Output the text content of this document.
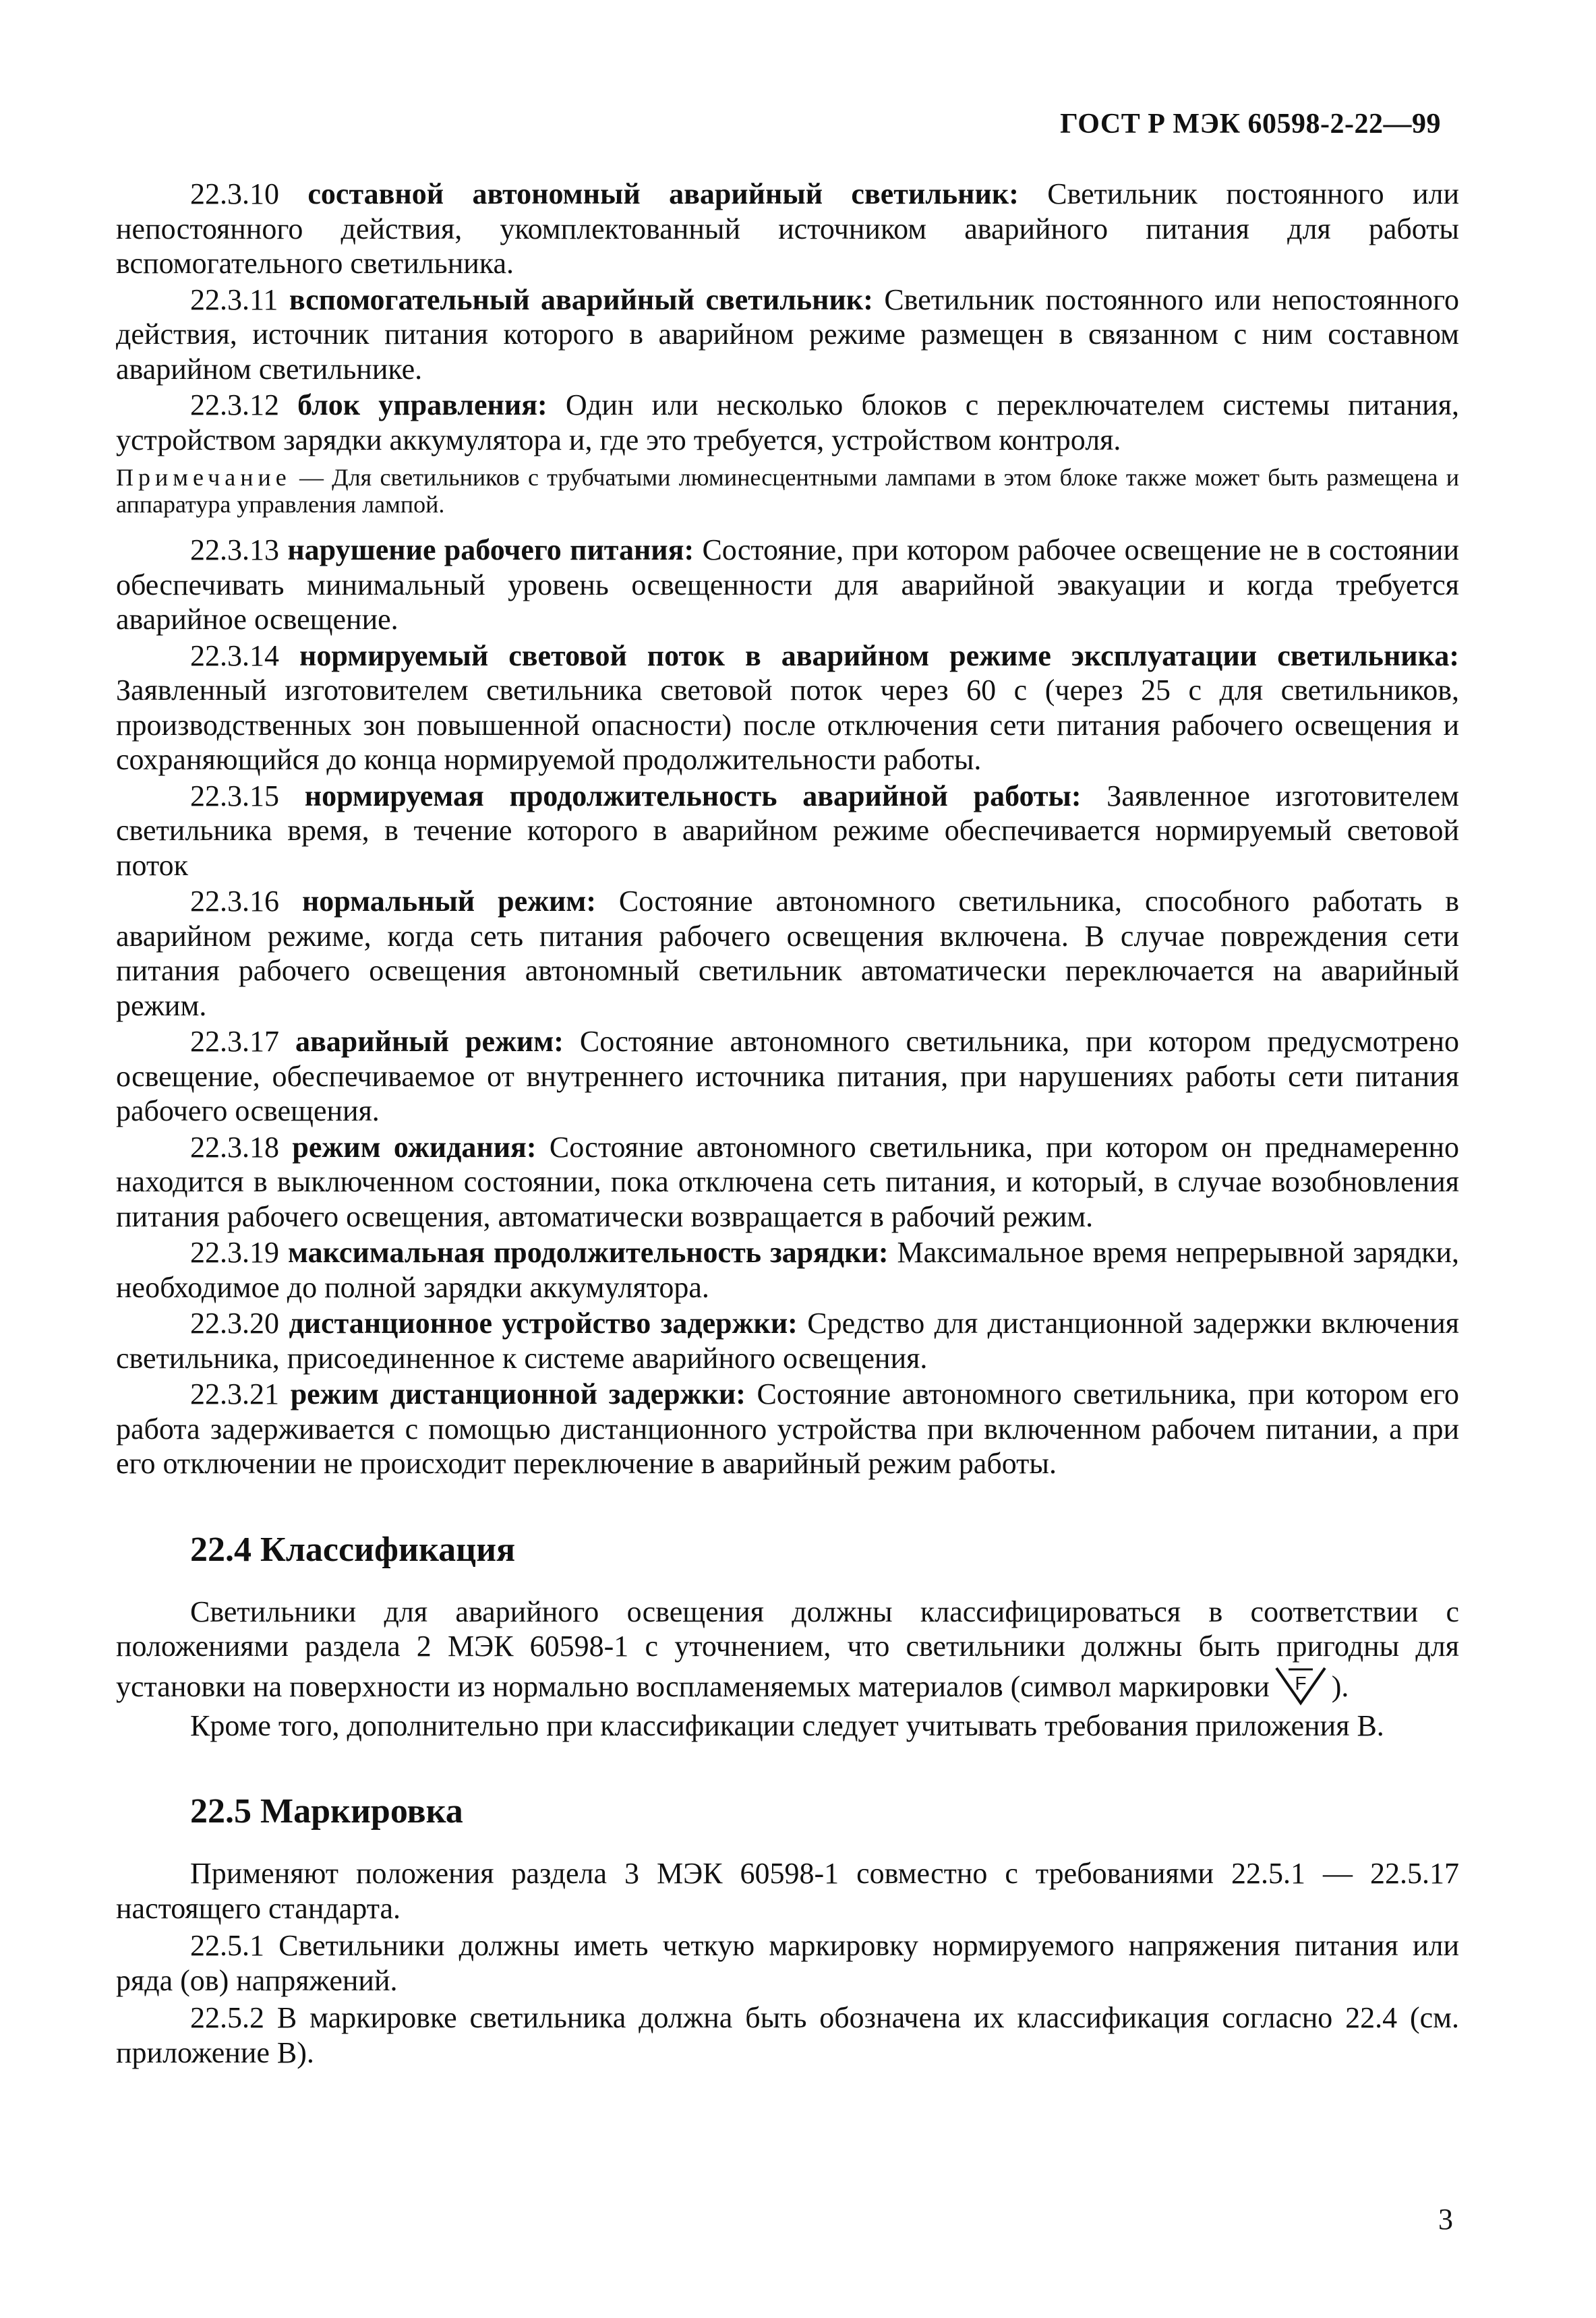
ГОСТ Р МЭК 60598-2-22—99

22.3.10 составной автономный аварийный светильник: Светильник постоянного или непостоянного действия, укомплектованный источником аварийного питания для работы вспомогательного светильника.

22.3.11 вспомогательный аварийный светильник: Светильник постоянного или непостоянного действия, источник питания которого в аварийном режиме размещен в связанном с ним составном аварийном светильнике.

22.3.12 блок управления: Один или несколько блоков с переключателем системы питания, устройством зарядки аккумулятора и, где это требуется, устройством контроля.

Примечание — Для светильников с трубчатыми люминесцентными лампами в этом блоке также может быть размещена и аппаратура управления лампой.

22.3.13 нарушение рабочего питания: Состояние, при котором рабочее освещение не в состоянии обеспечивать минимальный уровень освещенности для аварийной эвакуации и когда требуется аварийное освещение.

22.3.14 нормируемый световой поток в аварийном режиме эксплуатации светильника: Заявленный изготовителем светильника световой поток через 60 с (через 25 с для светильников, производственных зон повышенной опасности) после отключения сети питания рабочего освещения и сохраняющийся до конца нормируемой продолжительности работы.

22.3.15 нормируемая продолжительность аварийной работы: Заявленное изготовителем светильника время, в течение которого в аварийном режиме обеспечивается нормируемый световой поток

22.3.16 нормальный режим: Состояние автономного светильника, способного работать в аварийном режиме, когда сеть питания рабочего освещения включена. В случае повреждения сети питания рабочего освещения автономный светильник автоматически переключается на аварийный режим.

22.3.17 аварийный режим: Состояние автономного светильника, при котором предусмотрено освещение, обеспечиваемое от внутреннего источника питания, при нарушениях работы сети питания рабочего освещения.

22.3.18 режим ожидания: Состояние автономного светильника, при котором он преднамеренно находится в выключенном состоянии, пока отключена сеть питания, и который, в случае возобновления питания рабочего освещения, автоматически возвращается в рабочий режим.

22.3.19 максимальная продолжительность зарядки: Максимальное время непрерывной зарядки, необходимое до полной зарядки аккумулятора.

22.3.20 дистанционное устройство задержки: Средство для дистанционной задержки включения светильника, присоединенное к системе аварийного освещения.

22.3.21 режим дистанционной задержки: Состояние автономного светильника, при котором его работа задерживается с помощью дистанционного устройства при включенном рабочем питании, а при его отключении не происходит переключение в аварийный режим работы.

22.4 Классификация

Светильники для аварийного освещения должны классифицироваться в соответствии с положениями раздела 2 МЭК 60598-1 с уточнением, что светильники должны быть пригодны для установки на поверхности из нормально воспламеняемых материалов (символ маркировки F ).

Кроме того, дополнительно при классификации следует учитывать требования приложения В.

22.5 Маркировка

Применяют положения раздела 3 МЭК 60598-1 совместно с требованиями 22.5.1 — 22.5.17 настоящего стандарта.

22.5.1 Светильники должны иметь четкую маркировку нормируемого напряжения питания или ряда (ов) напряжений.

22.5.2 В маркировке светильника должна быть обозначена их классификация согласно 22.4 (см. приложение В).

3
